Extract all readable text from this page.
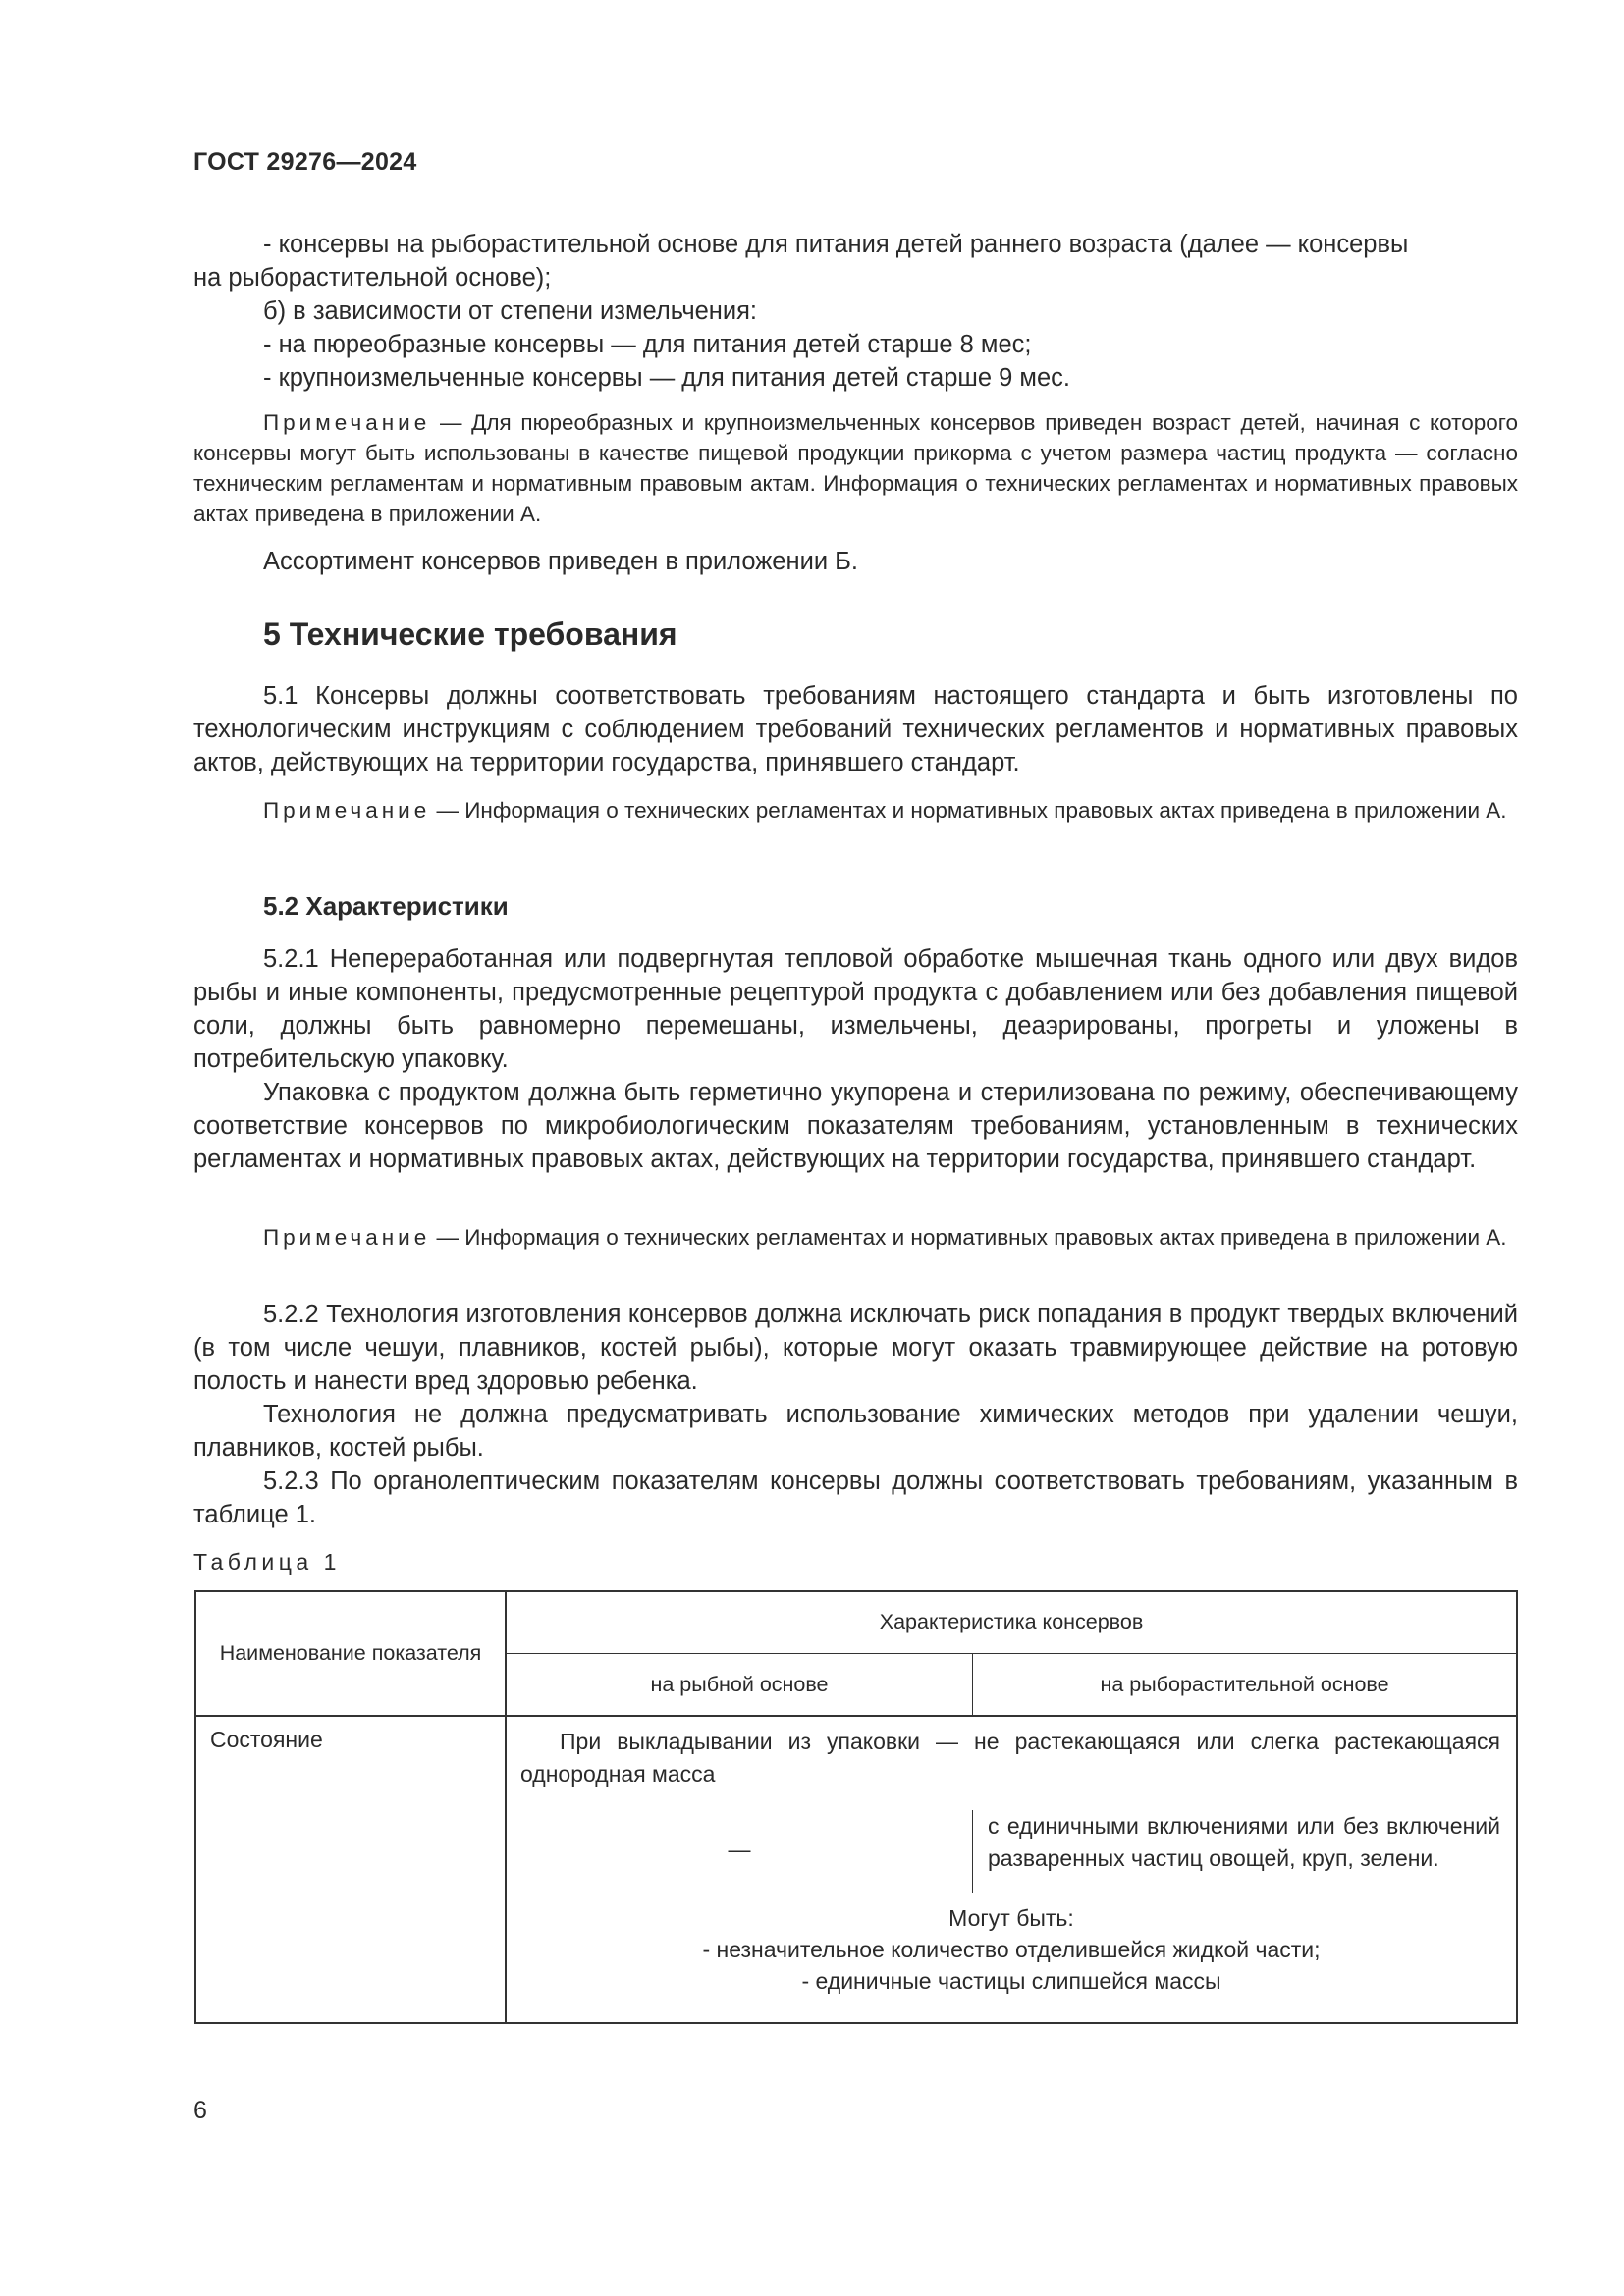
ГОСТ 29276—2024
- консервы на рыборастительной основе для питания детей раннего возраста (далее — консервы
на рыборастительной основе);
б) в зависимости от степени измельчения:
- на пюреобразные консервы — для питания детей старше 8 мес;
- крупноизмельченные консервы — для питания детей старше 9 мес.
Примечание — Для пюреобразных и крупноизмельченных консервов приведен возраст детей, начиная с которого консервы могут быть использованы в качестве пищевой продукции прикорма с учетом размера частиц продукта — согласно техническим регламентам и нормативным правовым актам. Информация о технических регламентах и нормативных правовых актах приведена в приложении А.
Ассортимент консервов приведен в приложении Б.
5 Технические требования
5.1 Консервы должны соответствовать требованиям настоящего стандарта и быть изготовлены по технологическим инструкциям с соблюдением требований технических регламентов и нормативных правовых актов, действующих на территории государства, принявшего стандарт.
Примечание — Информация о технических регламентах и нормативных правовых актах приведена в приложении А.
5.2 Характеристики
5.2.1 Непереработанная или подвергнутая тепловой обработке мышечная ткань одного или двух видов рыбы и иные компоненты, предусмотренные рецептурой продукта с добавлением или без добавления пищевой соли, должны быть равномерно перемешаны, измельчены, деаэрированы, прогреты и уложены в потребительскую упаковку.
Упаковка с продуктом должна быть герметично укупорена и стерилизована по режиму, обеспечивающему соответствие консервов по микробиологическим показателям требованиям, установленным в технических регламентах и нормативных правовых актах, действующих на территории государства, принявшего стандарт.
Примечание — Информация о технических регламентах и нормативных правовых актах приведена в приложении А.
5.2.2 Технология изготовления консервов должна исключать риск попадания в продукт твердых включений (в том числе чешуи, плавников, костей рыбы), которые могут оказать травмирующее действие на ротовую полость и нанести вред здоровью ребенка.
Технология не должна предусматривать использование химических методов при удалении чешуи, плавников, костей рыбы.
5.2.3 По органолептическим показателям консервы должны соответствовать требованиям, указанным в таблице 1.
Таблица 1
Наименование показателя
Характеристика консервов
на рыбной основе	на рыборастительной основе
Состояние	При выкладывании из упаковки — не растекающаяся или слегка растекающаяся однородная масса
—
с единичными включениями или без включений разваренных частиц овощей, круп, зелени.
Могут быть:
- незначительное количество отделившейся жидкой части;
- единичные частицы слипшейся массы
6
